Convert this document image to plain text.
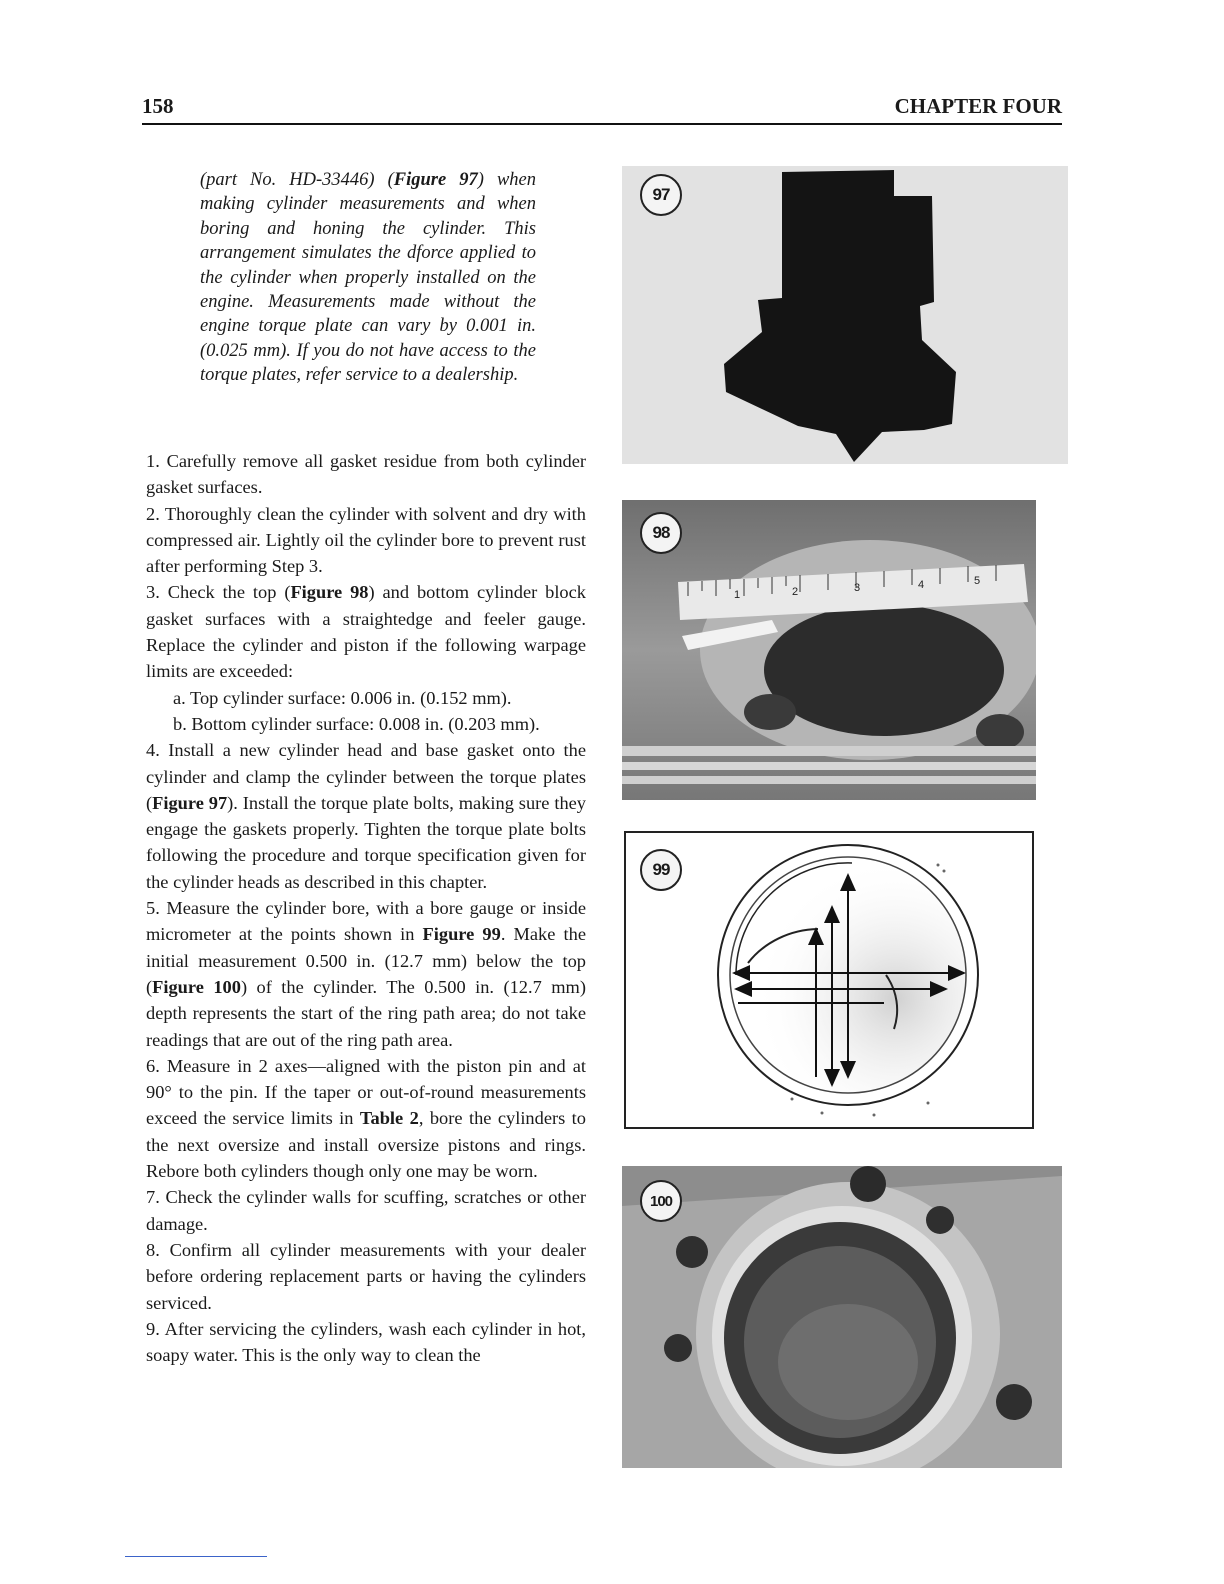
158	CHAPTER FOUR
(part No. HD-33446) (Figure 97) when making cylinder measurements and when boring and honing the cylinder. This arrangement simulates the dforce applied to the cylinder when properly installed on the engine. Measurements made without the engine torque plate can vary by 0.001 in. (0.025 mm). If you do not have access to the torque plates, refer service to a dealership.

1. Carefully remove all gasket residue from both cylinder gasket surfaces.

2. Thoroughly clean the cylinder with solvent and dry with compressed air. Lightly oil the cylinder bore to prevent rust after performing Step 3.

3. Check the top (Figure 98) and bottom cylinder block gasket surfaces with a straightedge and feeler gauge. Replace the cylinder and piston if the following warpage limits are exceeded:

a. Top cylinder surface: 0.006 in. (0.152 mm).

b. Bottom cylinder surface: 0.008 in. (0.203 mm).

4. Install a new cylinder head and base gasket onto the cylinder and clamp the cylinder between the torque plates (Figure 97). Install the torque plate bolts, making sure they engage the gaskets properly. Tighten the torque plate bolts following the procedure and torque specification given for the cylinder heads as described in this chapter.

5. Measure the cylinder bore, with a bore gauge or inside micrometer at the points shown in Figure 99. Make the initial measurement 0.500 in. (12.7 mm) below the top (Figure 100) of the cylinder. The 0.500 in. (12.7 mm) depth represents the start of the ring path area; do not take readings that are out of the ring path area.

6. Measure in 2 axes—aligned with the piston pin and at 90° to the pin. If the taper or out-of-round measurements exceed the service limits in Table 2, bore the cylinders to the next oversize and install oversize pistons and rings. Rebore both cylinders though only one may be worn.

7. Check the cylinder walls for scuffing, scratches or other damage.

8. Confirm all cylinder measurements with your dealer before ordering replacement parts or having the cylinders serviced.

9. After servicing the cylinders, wash each cylinder in hot, soapy water. This is the only way to clean the

97
1	2	3	4	5
98
99
100
